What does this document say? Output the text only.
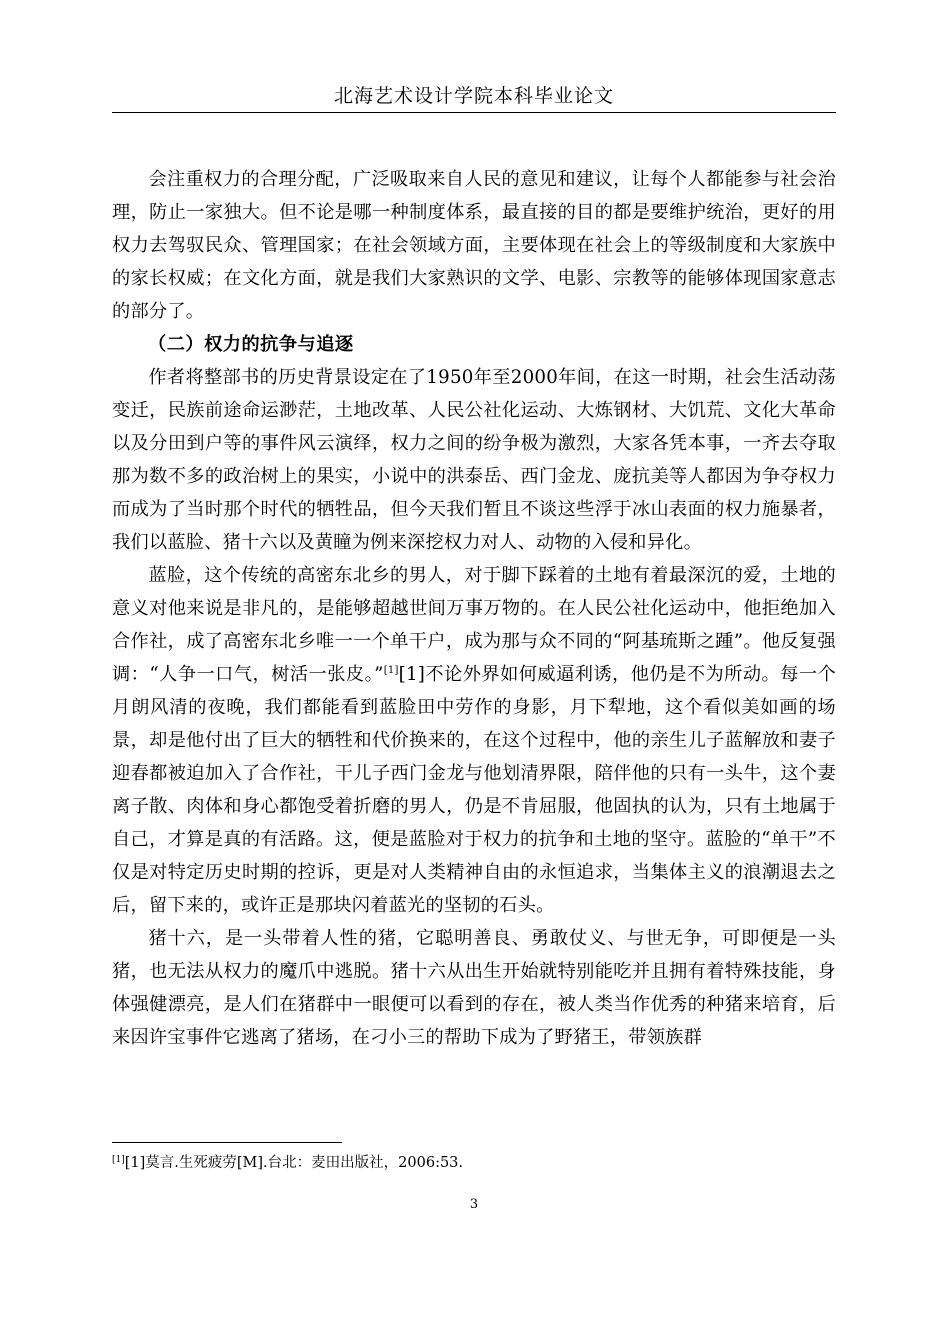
北海艺术设计学院本科毕业论文

会注重权力的合理分配，广泛吸取来自人民的意见和建议，让每个人都能参与社会治理，防止一家独大。但不论是哪一种制度体系，最直接的目的都是要维护统治，更好的用权力去驾驭民众、管理国家；在社会领域方面，主要体现在社会上的等级制度和大家族中的家长权威；在文化方面，就是我们大家熟识的文学、电影、宗教等的能够体现国家意志的部分了。

（二）权力的抗争与追逐

作者将整部书的历史背景设定在了1950年至2000年间，在这一时期，社会生活动荡变迁，民族前途命运渺茫，土地改革、人民公社化运动、大炼钢材、大饥荒、文化大革命以及分田到户等的事件风云演绎，权力之间的纷争极为激烈，大家各凭本事，一齐去夺取那为数不多的政治树上的果实，小说中的洪泰岳、西门金龙、庞抗美等人都因为争夺权力而成为了当时那个时代的牺牲品，但今天我们暂且不谈这些浮于冰山表面的权力施暴者，我们以蓝脸、猪十六以及黄瞳为例来深挖权力对人、动物的入侵和异化。

蓝脸，这个传统的高密东北乡的男人，对于脚下踩着的土地有着最深沉的爱，土地的意义对他来说是非凡的，是能够超越世间万事万物的。在人民公社化运动中，他拒绝加入合作社，成了高密东北乡唯一一个单干户，成为那与众不同的“阿基琉斯之踵”。他反复强调：“人争一口气，树活一张皮。”[1][1]不论外界如何威逼利诱，他仍是不为所动。每一个月朗风清的夜晚，我们都能看到蓝脸田中劳作的身影，月下犁地，这个看似美如画的场景，却是他付出了巨大的牺牲和代价换来的，在这个过程中，他的亲生儿子蓝解放和妻子迎春都被迫加入了合作社，干儿子西门金龙与他划清界限，陪伴他的只有一头牛，这个妻离子散、肉体和身心都饱受着折磨的男人，仍是不肯屈服，他固执的认为，只有土地属于自己，才算是真的有活路。这，便是蓝脸对于权力的抗争和土地的坚守。蓝脸的“单干”不仅是对特定历史时期的控诉，更是对人类精神自由的永恒追求，当集体主义的浪潮退去之后，留下来的，或许正是那块闪着蓝光的坚韧的石头。

猪十六，是一头带着人性的猪，它聪明善良、勇敢仗义、与世无争，可即便是一头猪，也无法从权力的魔爪中逃脱。猪十六从出生开始就特别能吃并且拥有着特殊技能，身体强健漂亮，是人们在猪群中一眼便可以看到的存在，被人类当作优秀的种猪来培育，后来因许宝事件它逃离了猪场，在刁小三的帮助下成为了野猪王，带领族群

[1][1]莫言.生死疲劳[M].台北：麦田出版社，2006:53.
3
